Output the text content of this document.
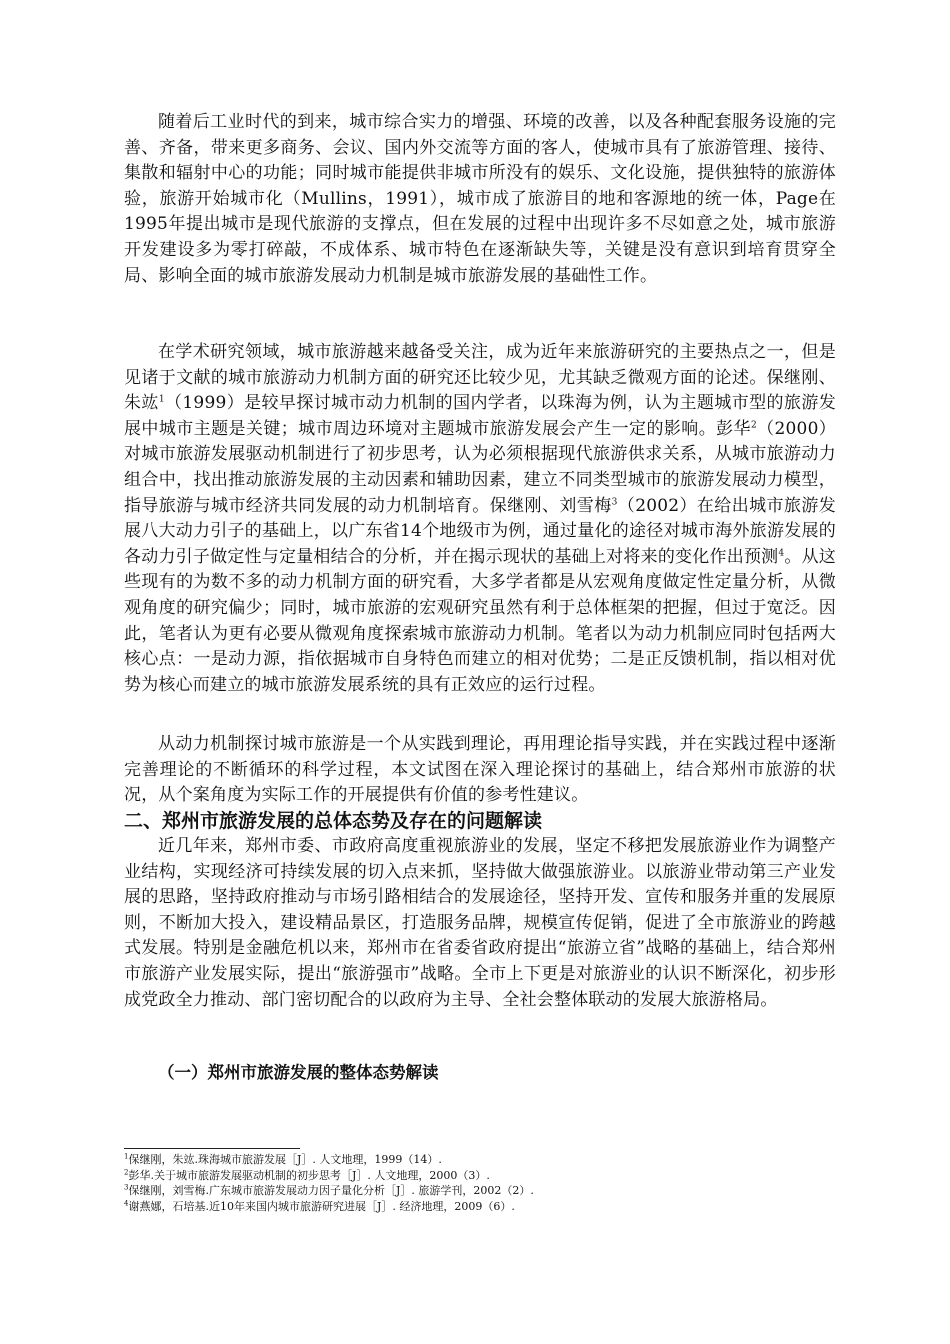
随着后工业时代的到来，城市综合实力的增强、环境的改善，以及各种配套服务设施的完善、齐备，带来更多商务、会议、国内外交流等方面的客人，使城市具有了旅游管理、接待、集散和辐射中心的功能；同时城市能提供非城市所没有的娱乐、文化设施，提供独特的旅游体验，旅游开始城市化（Mullins，1991），城市成了旅游目的地和客源地的统一体，Page在1995年提出城市是现代旅游的支撑点，但在发展的过程中出现许多不尽如意之处，城市旅游开发建设多为零打碎敲，不成体系、城市特色在逐渐缺失等，关键是没有意识到培育贯穿全局、影响全面的城市旅游发展动力机制是城市旅游发展的基础性工作。

在学术研究领域，城市旅游越来越备受关注，成为近年来旅游研究的主要热点之一，但是见诸于文献的城市旅游动力机制方面的研究还比较少见，尤其缺乏微观方面的论述。保继刚、朱竑$^1$（1999）是较早探讨城市动力机制的国内学者，以珠海为例，认为主题城市型的旅游发展中城市主题是关键；城市周边环境对主题城市旅游发展会产生一定的影响。彭华$^2$（2000）对城市旅游发展驱动机制进行了初步思考，认为必须根据现代旅游供求关系，从城市旅游动力组合中，找出推动旅游发展的主动因素和辅助因素，建立不同类型城市的旅游发展动力模型，指导旅游与城市经济共同发展的动力机制培育。保继刚、刘雪梅$^3$（2002）在给出城市旅游发展八大动力引子的基础上，以广东省14个地级市为例，通过量化的途径对城市海外旅游发展的各动力引子做定性与定量相结合的分析，并在揭示现状的基础上对将来的变化作出预测$^4$。从这些现有的为数不多的动力机制方面的研究看，大多学者都是从宏观角度做定性定量分析，从微观角度的研究偏少；同时，城市旅游的宏观研究虽然有利于总体框架的把握，但过于宽泛。因此，笔者认为更有必要从微观角度探索城市旅游动力机制。笔者以为动力机制应同时包括两大核心点：一是动力源，指依据城市自身特色而建立的相对优势；二是正反馈机制，指以相对优势为核心而建立的城市旅游发展系统的具有正效应的运行过程。

从动力机制探讨城市旅游是一个从实践到理论，再用理论指导实践，并在实践过程中逐渐完善理论的不断循环的科学过程，本文试图在深入理论探讨的基础上，结合郑州市旅游的状况，从个案角度为实际工作的开展提供有价值的参考性建议。

二、郑州市旅游发展的总体态势及存在的问题解读

近几年来，郑州市委、市政府高度重视旅游业的发展，坚定不移把发展旅游业作为调整产业结构，实现经济可持续发展的切入点来抓，坚持做大做强旅游业。以旅游业带动第三产业发展的思路，坚持政府推动与市场引路相结合的发展途径，坚持开发、宣传和服务并重的发展原则，不断加大投入，建设精品景区，打造服务品牌，规模宣传促销，促进了全市旅游业的跨越式发展。特别是金融危机以来，郑州市在省委省政府提出“旅游立省”战略的基础上，结合郑州市旅游产业发展实际，提出“旅游强市”战略。全市上下更是对旅游业的认识不断深化，初步形成党政全力推动、部门密切配合的以政府为主导、全社会整体联动的发展大旅游格局。

（一）郑州市旅游发展的整体态势解读
$^1$保继刚，朱竑.珠海城市旅游发展［J］. 人文地理，1999（14）.
$^2$彭华.关于城市旅游发展驱动机制的初步思考［J］. 人文地理，2000（3）.
$^3$保继刚，刘雪梅.广东城市旅游发展动力因子量化分析［J］. 旅游学刊，2002（2）.
$^4$谢燕娜，石培基.近10年来国内城市旅游研究进展［J］. 经济地理，2009（6）.
